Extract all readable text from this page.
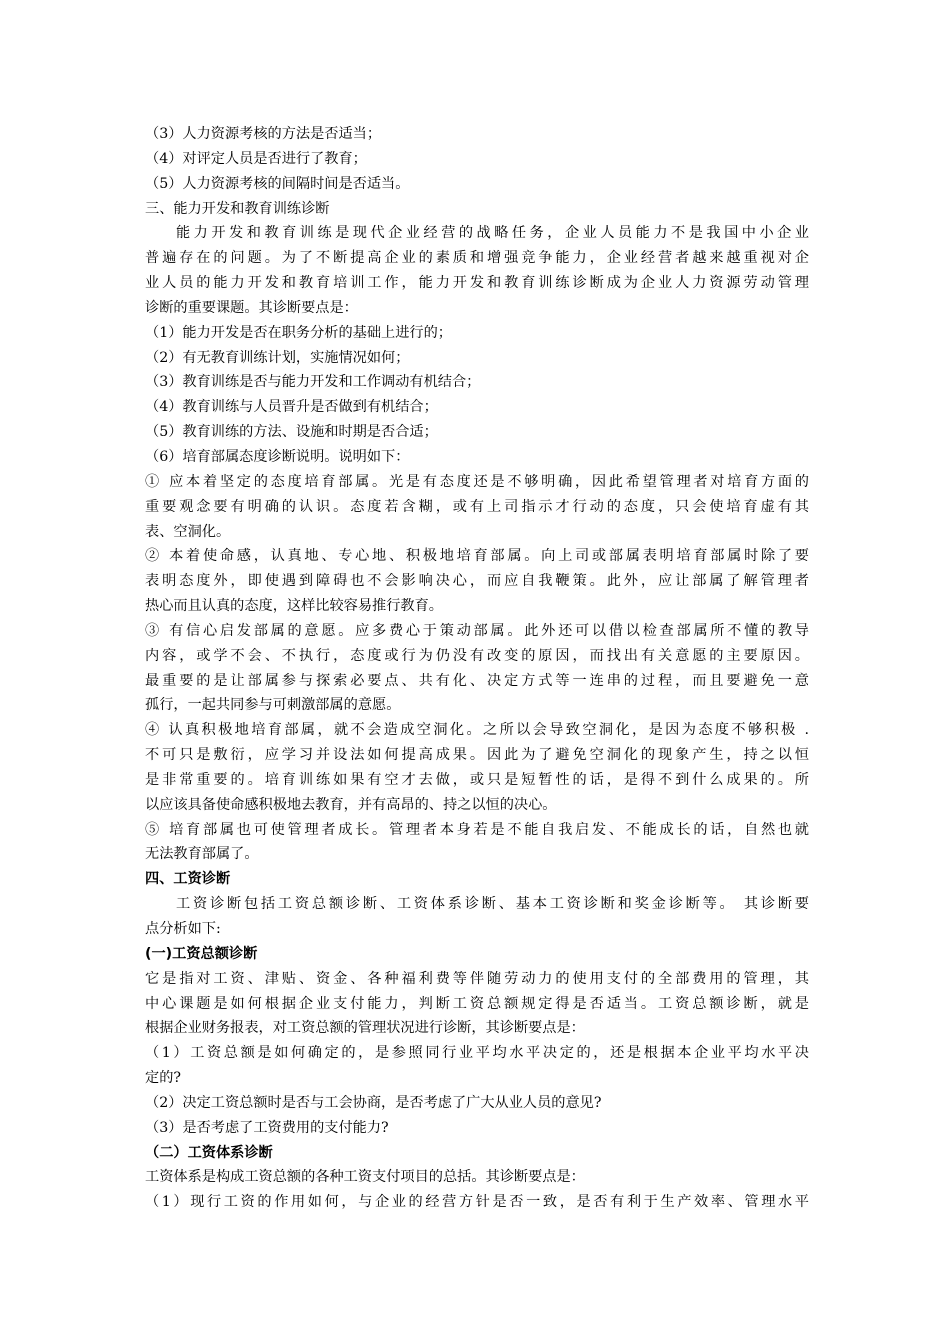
（3）人力资源考核的方法是否适当；
（4）对评定人员是否进行了教育；
（5）人力资源考核的间隔时间是否适当。
三、能力开发和教育训练诊断
能力开发和教育训练是现代企业经营的战略任务，企业人员能力不是我国中小企业
普遍存在的问题。为了不断提高企业的素质和增强竞争能力，企业经营者越来越重视对企
业人员的能力开发和教育培训工作，能力开发和教育训练诊断成为企业人力资源劳动管理
诊断的重要课题。其诊断要点是：
（1）能力开发是否在职务分析的基础上进行的；
（2）有无教育训练计划，实施情况如何；
（3）教育训练是否与能力开发和工作调动有机结合；
（4）教育训练与人员晋升是否做到有机结合；
（5）教育训练的方法、设施和时期是否合适；
（6）培育部属态度诊断说明。说明如下：
① 应本着坚定的态度培育部属。光是有态度还是不够明确，因此希望管理者对培育方面的
重要观念要有明确的认识。态度若含糊，或有上司指示才行动的态度，只会使培育虚有其
表、空洞化。
② 本着使命感，认真地、专心地、积极地培育部属。向上司或部属表明培育部属时除了要
表明态度外，即使遇到障碍也不会影响决心，而应自我鞭策。此外，应让部属了解管理者
热心而且认真的态度，这样比较容易推行教育。
③ 有信心启发部属的意愿。应多费心于策动部属。此外还可以借以检查部属所不懂的教导
内容，或学不会、不执行，态度或行为仍没有改变的原因，而找出有关意愿的主要原因。
最重要的是让部属参与探索必要点、共有化、决定方式等一连串的过程，而且要避免一意
孤行，一起共同参与可刺激部属的意愿。
④ 认真积极地培育部属，就不会造成空洞化。之所以会导致空洞化，是因为态度不够积极 .
不可只是敷衍，应学习并设法如何提高成果。因此为了避免空洞化的现象产生，持之以恒
是非常重要的。培育训练如果有空才去做，或只是短暂性的话，是得不到什么成果的。所
以应该具备使命感积极地去教育，并有高昂的、持之以恒的决心。
⑤ 培育部属也可使管理者成长。管理者本身若是不能自我启发、不能成长的话，自然也就
无法教育部属了。
四、工资诊断
工资诊断包括工资总额诊断、工资体系诊断、基本工资诊断和奖金诊断等。 其诊断要
点分析如下:
(一)工资总额诊断
它是指对工资、津贴、资金、各种福利费等伴随劳动力的使用支付的全部费用的管理，其
中心课题是如何根据企业支付能力，判断工资总额规定得是否适当。工资总额诊断，就是
根据企业财务报表，对工资总额的管理状况进行诊断，其诊断要点是：
（1）工资总额是如何确定的，是参照同行业平均水平决定的，还是根据本企业平均水平决
定的?
（2）决定工资总额时是否与工会协商，是否考虑了广大从业人员的意见?
（3）是否考虑了工资费用的支付能力?
（二）工资体系诊断
工资体系是构成工资总额的各种工资支付项目的总括。其诊断要点是：
（1）现行工资的作用如何，与企业的经营方针是否一致，是否有利于生产效率、管理水平
